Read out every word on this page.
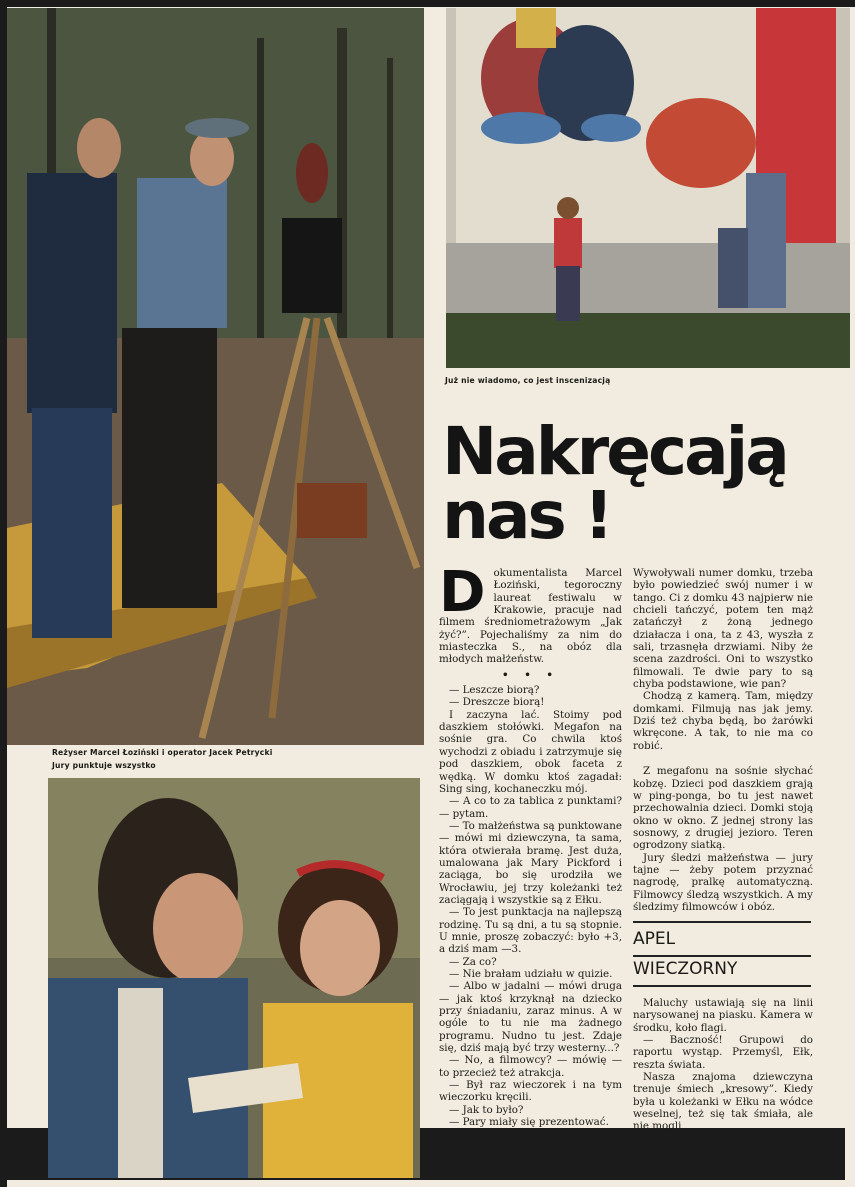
Już nie wiadomo, co jest inscenizacją
Reżyser Marcel Łoziński i operator Jacek Petrycki
Jury punktuje wszystko
Nakręcają
nas !

D okumentalista Marcel Łoziński, tegoroczny laureat festiwalu w Krakowie, pracuje nad filmem średniometrażowym „Jak żyć?”. Pojechaliśmy za nim do miasteczka S., na obóz dla młodych małżeństw.

• • •

— Leszcze biorą?

— Dreszcze biorą!

I zaczyna lać. Stoimy pod daszkiem stołówki. Megafon na sośnie gra. Co chwila ktoś wychodzi z obiadu i zatrzymuje się pod daszkiem, obok faceta z wędką. W domku ktoś zagadał: Sing sing, kochaneczku mój.

— A co to za tablica z punktami? — pytam.

— To małżeństwa są punktowane — mówi mi dziewczyna, ta sama, która otwierała bramę. Jest duża, umalowana jak Mary Pickford i zaciąga, bo się urodziła we Wrocławiu, jej trzy koleżanki też zaciągają i wszystkie są z Ełku.

— To jest punktacja na najlepszą rodzinę. Tu są dni, a tu są stopnie. U mnie, proszę zobaczyć: było +3, a dziś mam —3.

— Za co?

— Nie brałam udziału w quizie.

— Albo w jadalni — mówi druga — jak ktoś krzyknął na dziecko przy śniadaniu, zaraz minus. A w ogóle to tu nie ma żadnego programu. Nudno tu jest. Zdaje się, dziś mają być trzy westerny...?

— No, a filmowcy? — mówię — to przecież też atrakcja.

— Był raz wieczorek i na tym wieczorku kręcili.

— Jak to było?

— Pary miały się prezentować.

Wywoływali numer domku, trzeba było powiedzieć swój numer i w tango. Ci z domku 43 najpierw nie chcieli tańczyć, potem ten mąż zatańczył z żoną jednego działacza i ona, ta z 43, wyszła z sali, trzasnęła drzwiami. Niby że scena zazdrości. Oni to wszystko filmowali. Te dwie pary to są chyba podstawione, wie pan?

Chodzą z kamerą. Tam, między domkami. Filmują nas jak jemy. Dziś też chyba będą, bo żarówki wkręcone. A tak, to nie ma co robić.

Z megafonu na sośnie słychać kobzę. Dzieci pod daszkiem grają w ping-ponga, bo tu jest nawet przechowalnia dzieci. Domki stoją okno w okno. Z jednej strony las sosnowy, z drugiej jezioro. Teren ogrodzony siatką.

Jury śledzi małżeństwa — jury tajne — żeby potem przyznać nagrodę, pralkę automatyczną. Filmowcy śledzą wszystkich. A my śledzimy filmowców i obóz.

APEL
WIECZORNY

Maluchy ustawiają się na linii narysowanej na piasku. Kamera w środku, koło flagi.

— Baczność! Grupowi do raportu wystąp. Przemyśl, Ełk, reszta świata.

Nasza znajoma dziewczyna trenuje śmiech „kresowy”. Kiedy była u koleżanki w Ełku na wódce weselnej, też się tak śmiała, ale nie mogli
